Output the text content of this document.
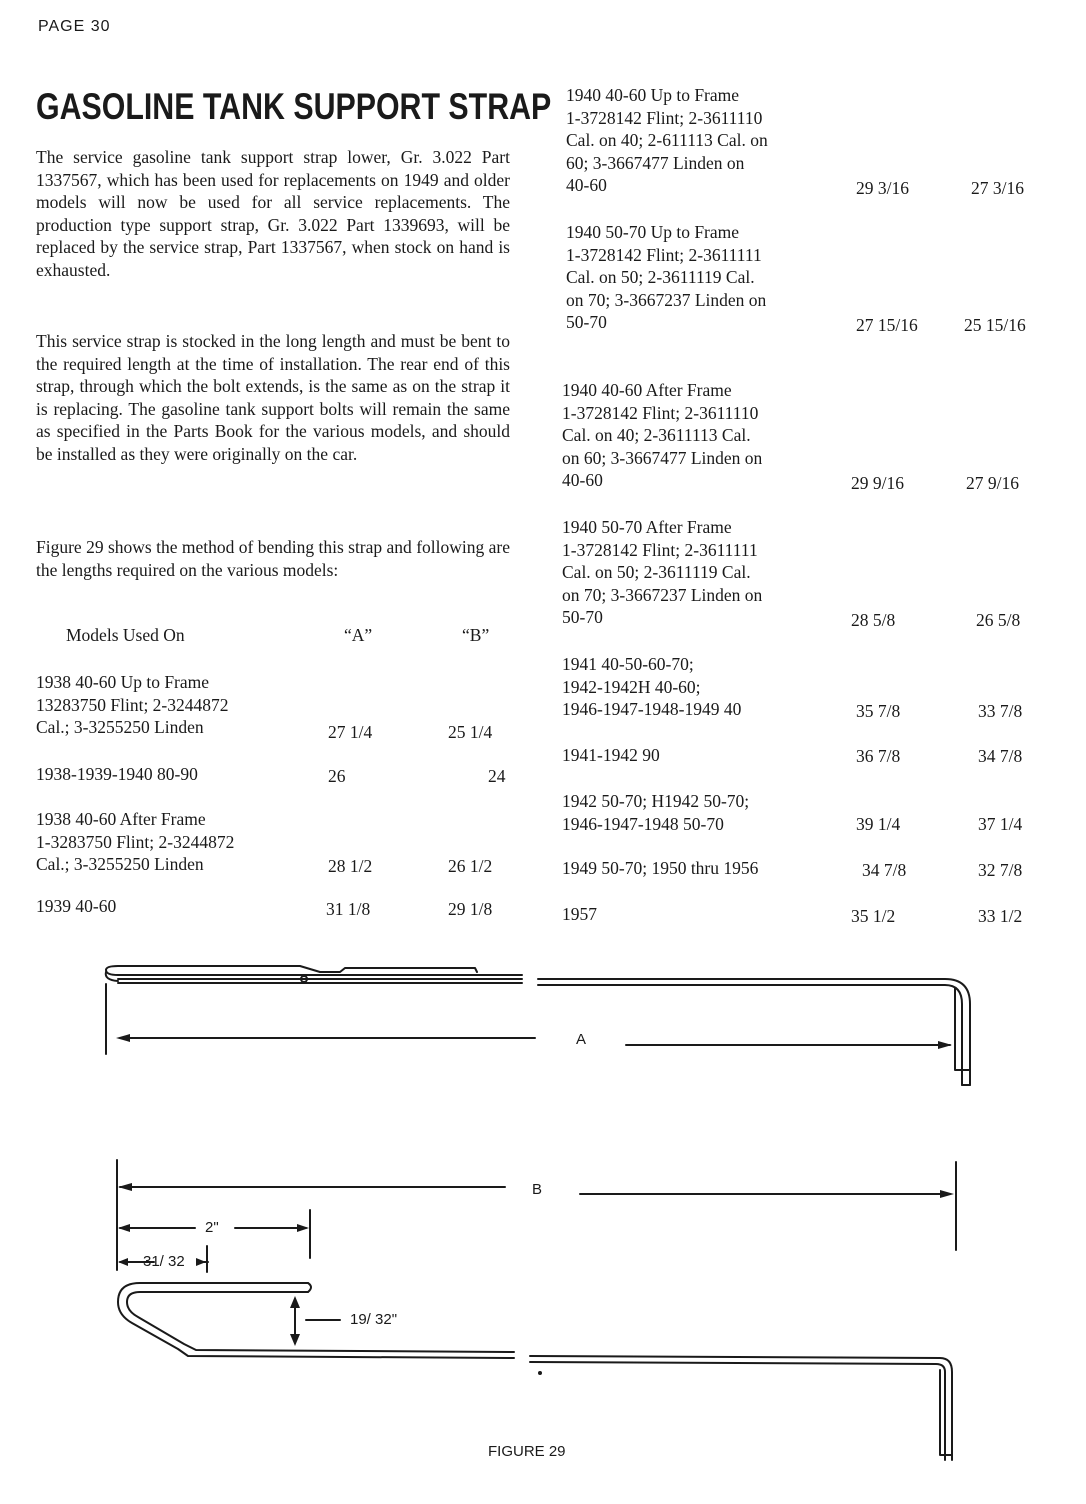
PAGE 30
GASOLINE TANK SUPPORT STRAP

The service gasoline tank support strap lower, Gr. 3.022 Part 1337567, which has been used for replacements on 1949 and older models will now be used for all service replacements. The production type support strap, Gr. 3.022 Part 1339693, will be replaced by the service strap, Part 1337567, when stock on hand is exhausted.

This service strap is stocked in the long length and must be bent to the required length at the time of installation. The rear end of this strap, through which the bolt extends, is the same as on the strap it is replacing. The gasoline tank support bolts will remain the same as specified in the Parts Book for the various models, and should be installed as they were originally on the car.

Figure 29 shows the method of bending this strap and following are the lengths required on the various models:

Models Used On	“A”	“B”
1938 40-60 Up to Frame
13283750 Flint; 2-3244872
Cal.; 3-3255250 Linden	27 1/4	25 1/4
1938-1939-1940 80-90	26	24
1938 40-60 After Frame
1-3283750 Flint; 2-3244872
Cal.; 3-3255250 Linden	28 1/2	26 1/2
1939 40-60	31 1/8	29 1/8
1940 40-60 Up to Frame
1-3728142 Flint; 2-3611110
Cal. on 40; 2-611113 Cal. on
60; 3-3667477 Linden on
40-60	29 3/16	27 3/16
1940 50-70 Up to Frame
1-3728142 Flint; 2-3611111
Cal. on 50; 2-3611119 Cal.
on 70; 3-3667237 Linden on
50-70	27 15/16	25 15/16
1940 40-60 After Frame
1-3728142 Flint; 2-3611110
Cal. on 40; 2-3611113 Cal.
on 60; 3-3667477 Linden on
40-60	29 9/16	27 9/16
1940 50-70 After Frame
1-3728142 Flint; 2-3611111
Cal. on 50; 2-3611119 Cal.
on 70; 3-3667237 Linden on
50-70	28 5/8	26 5/8
1941 40-50-60-70;
1942-1942H 40-60;
1946-1947-1948-1949 40	35 7/8	33 7/8
1941-1942 90	36 7/8	34 7/8
1942 50-70; H1942 50-70;
1946-1947-1948 50-70	39 1/4	37 1/4
1949 50-70; 1950 thru 1956	34 7/8	32 7/8
1957	35 1/2	33 1/2
A
B
2"
31/ 32
19/ 32"
FIGURE 29
